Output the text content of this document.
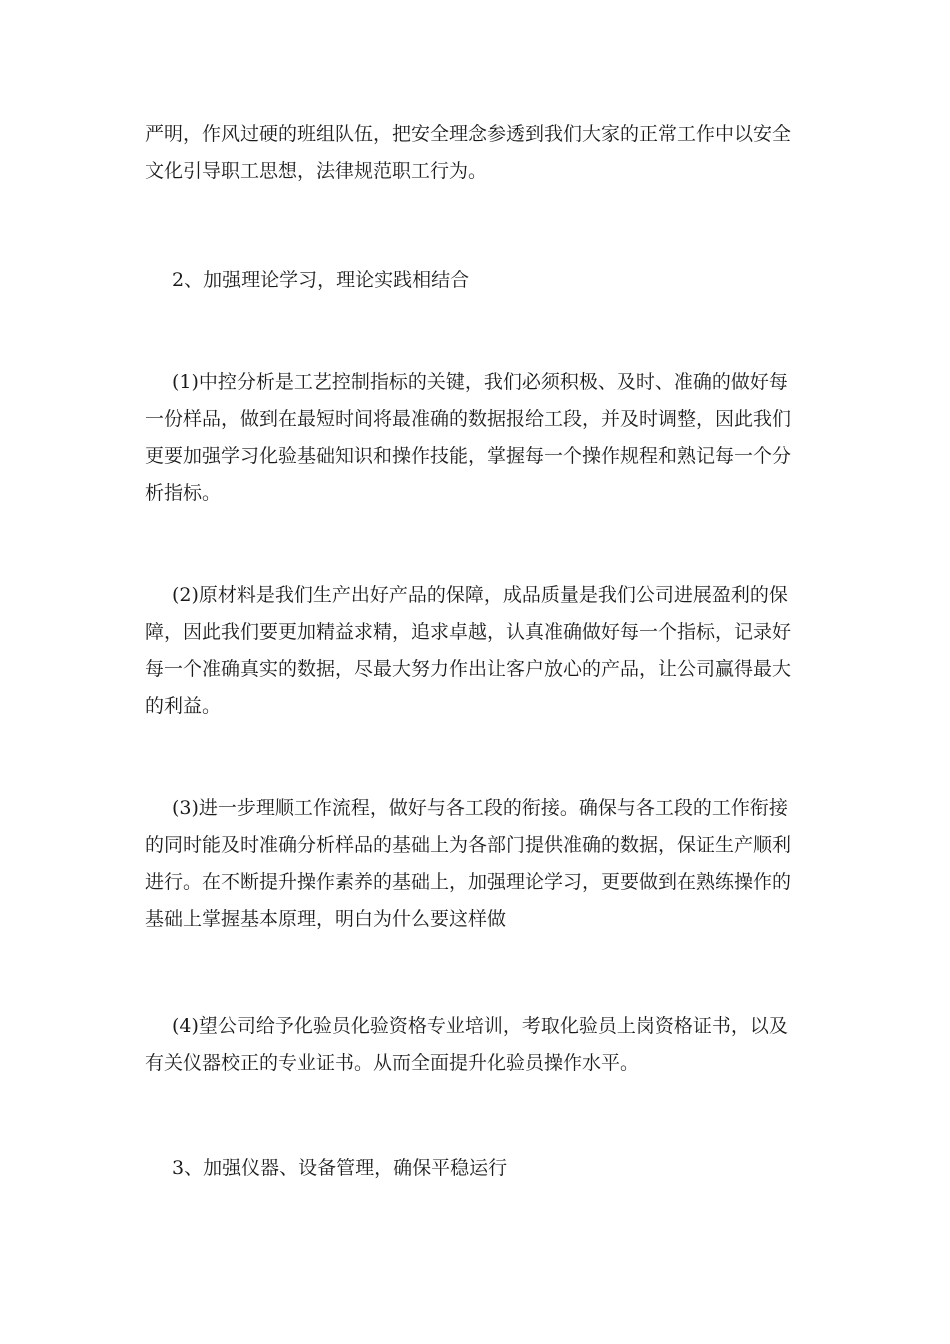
严明，作风过硬的班组队伍，把安全理念参透到我们大家的正常工作中以安全
文化引导职工思想，法律规范职工行为。
2、加强理论学习，理论实践相结合
(1)中控分析是工艺控制指标的关键，我们必须积极、及时、准确的做好每
一份样品，做到在最短时间将最准确的数据报给工段，并及时调整，因此我们
更要加强学习化验基础知识和操作技能，掌握每一个操作规程和熟记每一个分
析指标。
(2)原材料是我们生产出好产品的保障，成品质量是我们公司进展盈利的保
障，因此我们要更加精益求精，追求卓越，认真准确做好每一个指标，记录好
每一个准确真实的数据，尽最大努力作出让客户放心的产品，让公司赢得最大
的利益。
(3)进一步理顺工作流程，做好与各工段的衔接。确保与各工段的工作衔接
的同时能及时准确分析样品的基础上为各部门提供准确的数据，保证生产顺利
进行。在不断提升操作素养的基础上，加强理论学习，更要做到在熟练操作的
基础上掌握基本原理，明白为什么要这样做
(4)望公司给予化验员化验资格专业培训，考取化验员上岗资格证书，以及
有关仪器校正的专业证书。从而全面提升化验员操作水平。
3、加强仪器、设备管理，确保平稳运行
